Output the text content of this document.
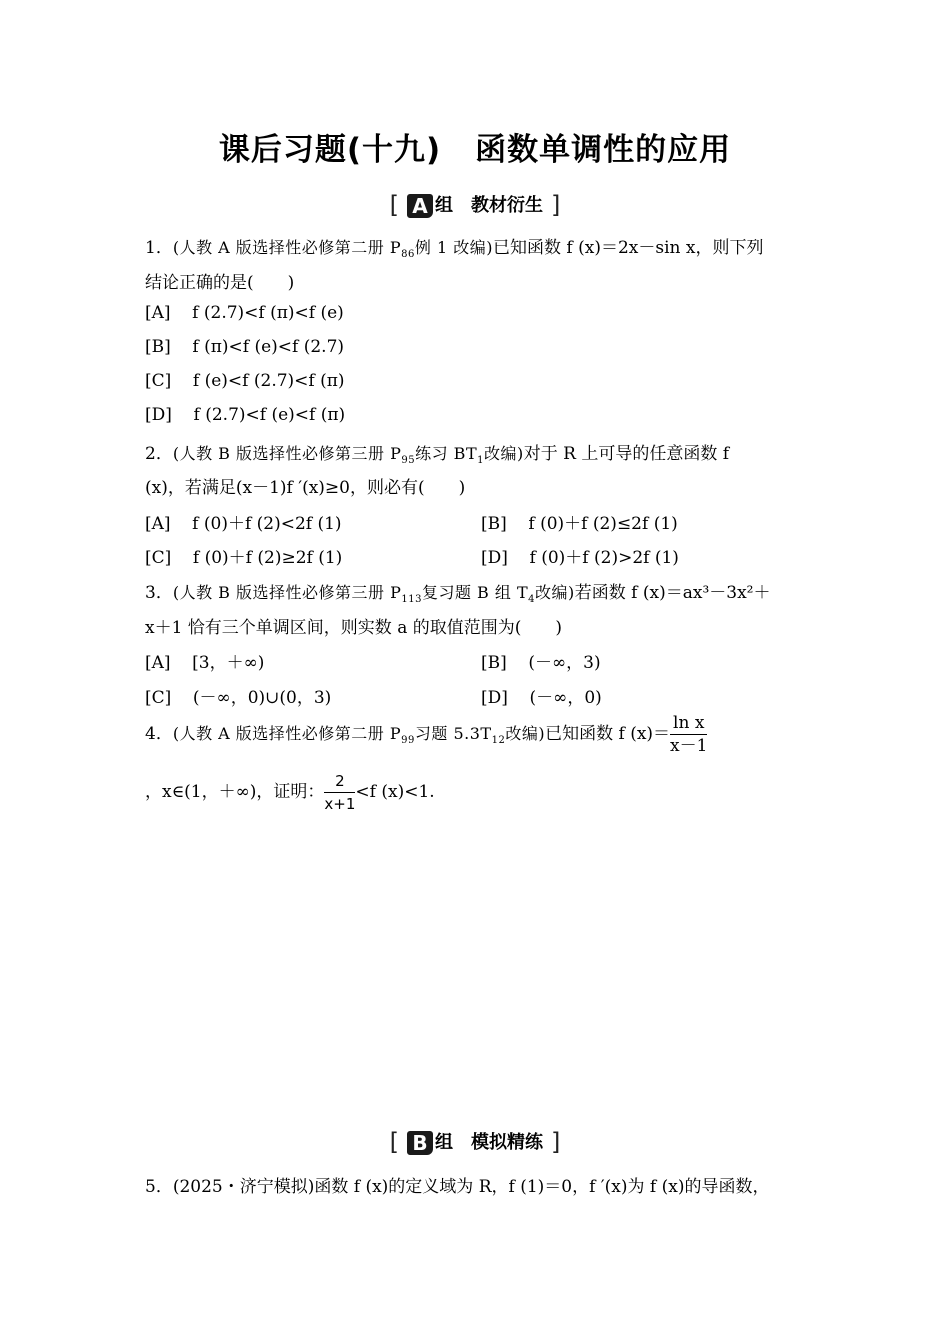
课后习题(十九) 函数单调性的应用
[ A 组 教材衍生 ]
1．(人教 A 版选择性必修第二册 $P_{86}$例 1 改编)已知函数 f (x)＝2x－sin x，则下列
结论正确的是(　　)
[A] f (2.7)<f (π)<f (e)
[B] f (π)<f (e)<f (2.7)
[C] f (e)<f (2.7)<f (π)
[D] f (2.7)<f (e)<f (π)
2．(人教 B 版选择性必修第三册 $P_{95}$练习 $BT_1$改编)对于 R 上可导的任意函数 f
(x)，若满足(x－1)f ′(x)≥0，则必有(　　)
[A] f (0)＋f (2)<2f (1)	[B] f (0)＋f (2)≤2f (1)
[C] f (0)＋f (2)≥2f (1)	[D] f (0)＋f (2)>2f (1)
3．(人教 B 版选择性必修第三册 $P_{113}$复习题 B 组 $T_4$改编)若函数 f (x)＝ax³－3x²＋
x＋1 恰有三个单调区间，则实数 a 的取值范围为(　　)
[A] [3，＋∞)	[B] (－∞，3)
[C] (－∞，0)∪(0，3)	[D] (－∞，0)
4．(人教 A 版选择性必修第二册 $P_{99}$习题 $5.3T_{12}$改编)已知函数 f $(x)= \frac{\text{ln x}}{x-1}$
，x∈(1，＋∞)，证明： $\frac{2}{x+1} <f$ (x)<1.
[ B 组 模拟精练 ]
5．(2025・济宁模拟)函数 f (x)的定义域为 R，f (1)＝0，f ′(x)为 f (x)的导函数，
